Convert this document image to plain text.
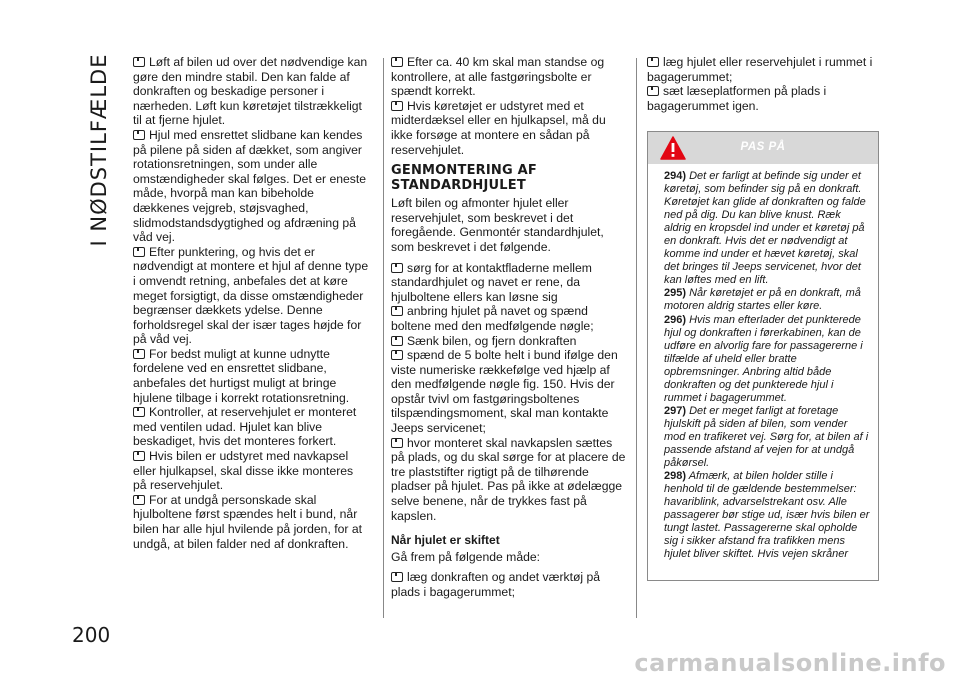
I NØDSTILFÆLDE
200

Løft af bilen ud over det nødvendige kan gøre den mindre stabil. Den kan falde af donkraften og beskadige personer i nærheden. Løft kun køretøjet tilstrækkeligt til at fjerne hjulet.

Hjul med ensrettet slidbane kan kendes på pilene på siden af dækket, som angiver rotationsretningen, som under alle omstændigheder skal følges. Det er eneste måde, hvorpå man kan bibeholde dækkenes vejgreb, støjsvaghed, slidmodstandsdygtighed og afdræning på våd vej.

Efter punktering, og hvis det er nødvendigt at montere et hjul af denne type i omvendt retning, anbefales det at køre meget forsigtigt, da disse omstændigheder begrænser dækkets ydelse. Denne forholdsregel skal der især tages højde for på våd vej.

For bedst muligt at kunne udnytte fordelene ved en ensrettet slidbane, anbefales det hurtigst muligt at bringe hjulene tilbage i korrekt rotationsretning.

Kontroller, at reservehjulet er monteret med ventilen udad. Hjulet kan blive beskadiget, hvis det monteres forkert.

Hvis bilen er udstyret med navkapsel eller hjulkapsel, skal disse ikke monteres på reservehjulet.

For at undgå personskade skal hjulboltene først spændes helt i bund, når bilen har alle hjul hvilende på jorden, for at undgå, at bilen falder ned af donkraften.

Efter ca. 40 km skal man standse og kontrollere, at alle fastgøringsbolte er spændt korrekt.

Hvis køretøjet er udstyret med et midterdæksel eller en hjulkapsel, må du ikke forsøge at montere en sådan på reservehjulet.

GENMONTERING AF STANDARDHJULET

Løft bilen og afmonter hjulet eller reservehjulet, som beskrevet i det foregående. Genmontér standardhjulet, som beskrevet i det følgende.

sørg for at kontaktfladerne mellem standardhjulet og navet er rene, da hjulboltene ellers kan løsne sig

anbring hjulet på navet og spænd boltene med den medfølgende nøgle;

Sænk bilen, og fjern donkraften

spænd de 5 bolte helt i bund ifølge den viste numeriske rækkefølge ved hjælp af den medfølgende nøgle fig. 150. Hvis der opstår tvivl om fastgøringsboltenes tilspændingsmoment, skal man kontakte Jeeps servicenet;

hvor monteret skal navkapslen sættes på plads, og du skal sørge for at placere de tre plaststifter rigtigt på de tilhørende pladser på hjulet. Pas på ikke at ødelægge selve benene, når de trykkes fast på kapslen.

Når hjulet er skiftet

Gå frem på følgende måde:

læg donkraften og andet værktøj på plads i bagagerummet;

læg hjulet eller reservehjulet i rummet i bagagerummet;

sæt læseplatformen på plads i bagagerummet igen.

PAS PÅ

294) Det er farligt at befinde sig under et køretøj, som befinder sig på en donkraft. Køretøjet kan glide af donkraften og falde ned på dig. Du kan blive knust. Ræk aldrig en kropsdel ind under et køretøj på en donkraft. Hvis det er nødvendigt at komme ind under et hævet køretøj, skal det bringes til Jeeps servicenet, hvor det kan løftes med en lift.

295) Når køretøjet er på en donkraft, må motoren aldrig startes eller køre.

296) Hvis man efterlader det punkterede hjul og donkraften i førerkabinen, kan de udføre en alvorlig fare for passagererne i tilfælde af uheld eller bratte opbremsninger. Anbring altid både donkraften og det punkterede hjul i rummet i bagagerummet.

297) Det er meget farligt at foretage hjulskift på siden af bilen, som vender mod en trafikeret vej. Sørg for, at bilen af i passende afstand af vejen for at undgå påkørsel.

298) Afmærk, at bilen holder stille i henhold til de gældende bestemmelser: havariblink, advarselstrekant osv. Alle passagerer bør stige ud, især hvis bilen er tungt lastet. Passagererne skal opholde sig i sikker afstand fra trafikken mens hjulet bliver skiftet. Hvis vejen skråner

carmanualsonline.info
